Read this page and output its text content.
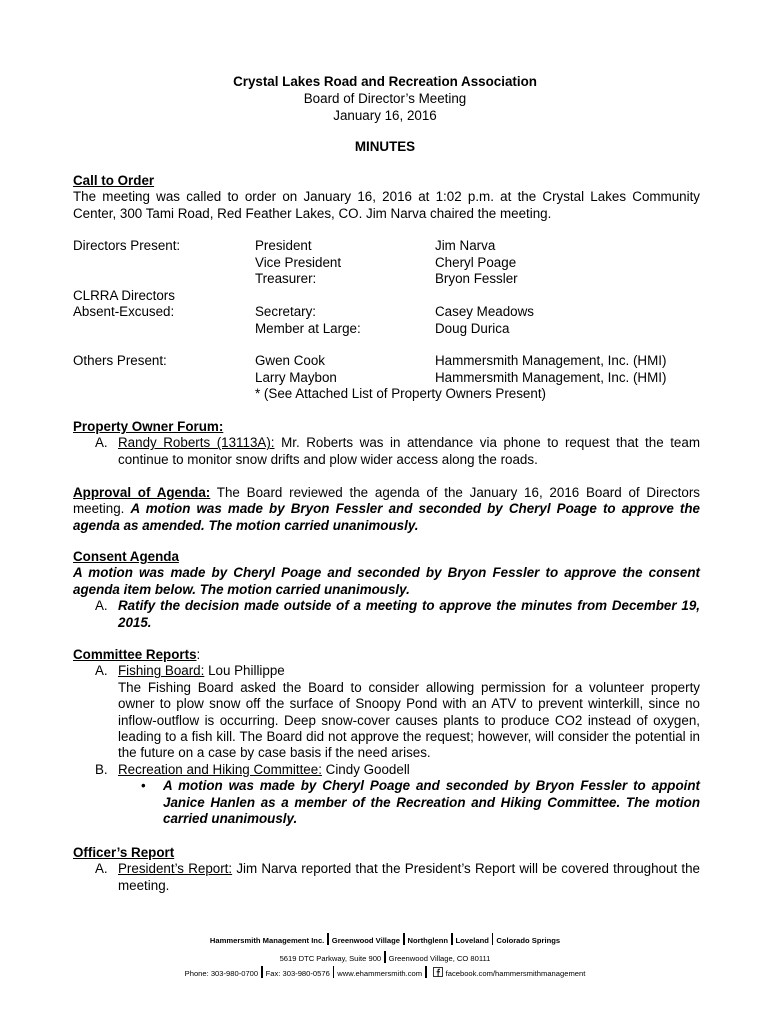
Crystal Lakes Road and Recreation Association
Board of Director’s Meeting
January 16, 2016
MINUTES
Call to Order
The meeting was called to order on January 16, 2016 at 1:02 p.m. at the Crystal Lakes Community Center, 300 Tami Road, Red Feather Lakes, CO. Jim Narva chaired the meeting.
Directors Present:	President	Jim Narva
Vice President	Cheryl Poage
Treasurer:	Bryon Fessler
CLRRA Directors
Absent-Excused:	Secretary:	Casey Meadows
Member at Large:	Doug Durica
Others Present:	Gwen Cook	Hammersmith Management, Inc. (HMI)
Larry Maybon	Hammersmith Management, Inc. (HMI)
* (See Attached List of Property Owners Present)
Property Owner Forum:
A. Randy Roberts (13113A): Mr. Roberts was in attendance via phone to request that the team continue to monitor snow drifts and plow wider access along the roads.
Approval of Agenda: The Board reviewed the agenda of the January 16, 2016 Board of Directors meeting. A motion was made by Bryon Fessler and seconded by Cheryl Poage to approve the agenda as amended. The motion carried unanimously.
Consent Agenda
A motion was made by Cheryl Poage and seconded by Bryon Fessler to approve the consent agenda item below. The motion carried unanimously.
A. Ratify the decision made outside of a meeting to approve the minutes from December 19, 2015.
Committee Reports:
A. Fishing Board: Lou Phillippe
The Fishing Board asked the Board to consider allowing permission for a volunteer property owner to plow snow off the surface of Snoopy Pond with an ATV to prevent winterkill, since no inflow-outflow is occurring. Deep snow-cover causes plants to produce CO2 instead of oxygen, leading to a fish kill. The Board did not approve the request; however, will consider the potential in the future on a case by case basis if the need arises.
B. Recreation and Hiking Committee: Cindy Goodell
• A motion was made by Cheryl Poage and seconded by Bryon Fessler to appoint Janice Hanlen as a member of the Recreation and Hiking Committee. The motion carried unanimously.
Officer’s Report
A. President’s Report: Jim Narva reported that the President’s Report will be covered throughout the meeting.
Hammersmith Management Inc. Greenwood Village Northglenn Loveland Colorado Springs
5619 DTC Parkway, Suite 900 Greenwood Village, CO 80111
Phone: 303-980-0700 Fax: 303-980-0576 www.ehammersmith.com	facebook.com/hammersmithmanagement
